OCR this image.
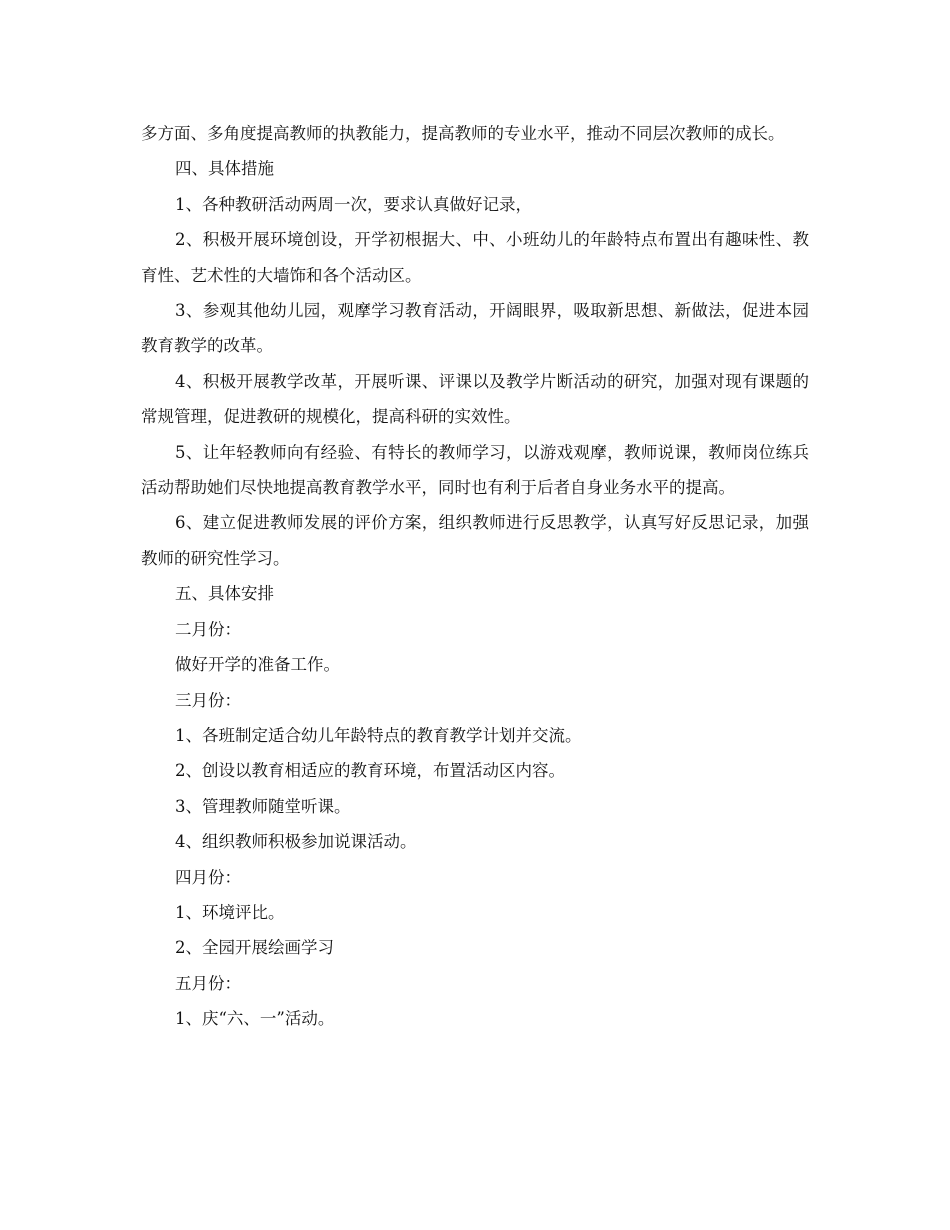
多方面、多角度提高教师的执教能力，提高教师的专业水平，推动不同层次教师的成长。

四、具体措施

1、各种教研活动两周一次，要求认真做好记录，

2、积极开展环境创设，开学初根据大、中、小班幼儿的年龄特点布置出有趣味性、教育性、艺术性的大墙饰和各个活动区。

3、参观其他幼儿园，观摩学习教育活动，开阔眼界，吸取新思想、新做法，促进本园教育教学的改革。

4、积极开展教学改革，开展听课、评课以及教学片断活动的研究，加强对现有课题的常规管理，促进教研的规模化，提高科研的实效性。

5、让年轻教师向有经验、有特长的教师学习，以游戏观摩，教师说课，教师岗位练兵活动帮助她们尽快地提高教育教学水平，同时也有利于后者自身业务水平的提高。

6、建立促进教师发展的评价方案，组织教师进行反思教学，认真写好反思记录，加强教师的研究性学习。

五、具体安排

二月份：

做好开学的准备工作。

三月份：

1、各班制定适合幼儿年龄特点的教育教学计划并交流。

2、创设以教育相适应的教育环境，布置活动区内容。

3、管理教师随堂听课。

4、组织教师积极参加说课活动。

四月份：

1、环境评比。

2、全园开展绘画学习

五月份：

1、庆“六、一”活动。
